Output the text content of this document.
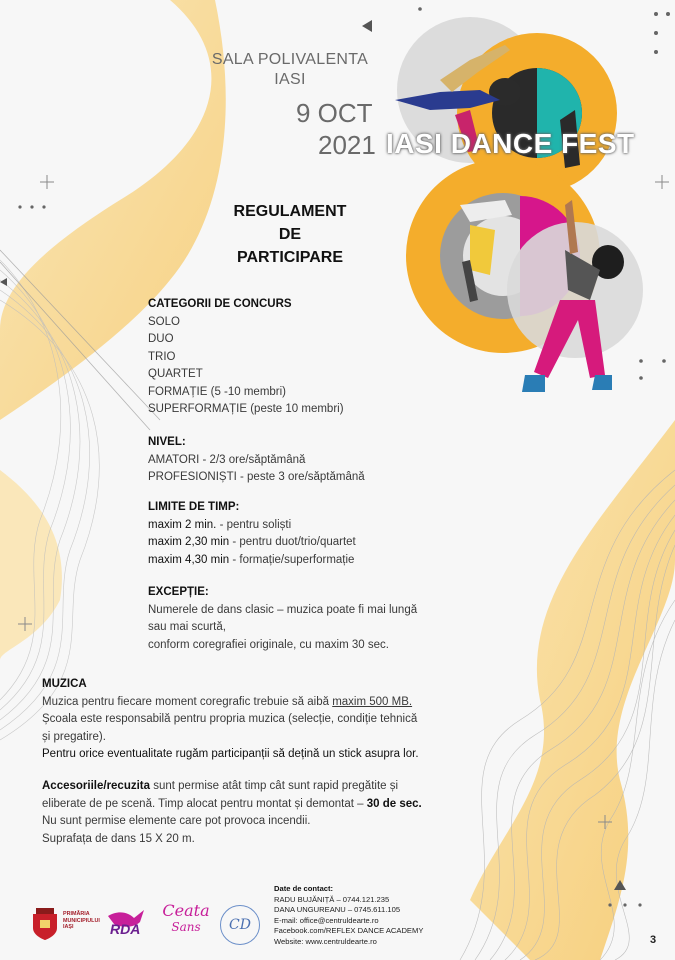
SALA POLIVALENTA
IASI
9 OCT
2021 IASI DANCE FEST
REGULAMENT
DE
PARTICIPARE
CATEGORII DE CONCURS
SOLO
DUO
TRIO
QUARTET
FORMAȚIE (5 -10 membri)
SUPERFORMAȚIE (peste 10 membri)
NIVEL:
AMATORI - 2/3 ore/săptămână
PROFESIONIȘTI - peste 3 ore/săptămână
LIMITE DE TIMP:
maxim 2 min. - pentru soliști
maxim 2,30 min - pentru duot/trio/quartet
maxim 4,30 min - formație/superformație
EXCEPȚIE:
Numerele de dans clasic – muzica poate fi mai lungă
sau mai scurtă,
conform coregrafiei originale, cu maxim 30 sec.
MUZICA
Muzica pentru fiecare moment coregrafic trebuie să aibă maxim 500 MB.
Școala este responsabilă pentru propria muzica (selecție, condiție tehnică
și pregatire).
Pentru orice eventualitate rugăm participanții să dețină un stick asupra lor.
Accesoriile/recuzita sunt permise atât timp cât sunt rapid pregătite și
eliberate de pe scenă. Timp alocat pentru montat și demontat – 30 de sec.
Nu sunt permise elemente care pot provoca incendii.
Suprafața de dans 15 X 20 m.
PRIMĂRIA
MUNICIPIULUI
IAȘI	RDA
Ceata
Sans	CD
Date de contact:
RADU BUJĂNIȚĂ – 0744.121.235
DANA UNGUREANU – 0745.611.105
E-mail: office@centruldearte.ro
Facebook.com/REFLEX DANCE ACADEMY
Website: www.centruldearte.ro	3
